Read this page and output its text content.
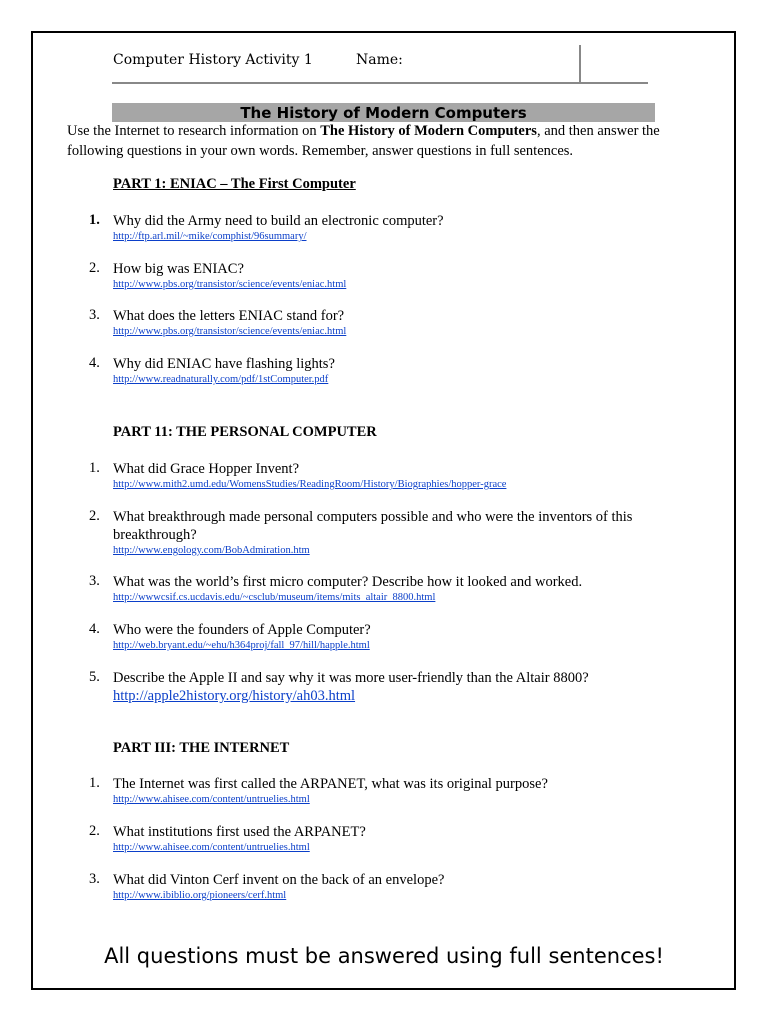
Computer History Activity 1	Name:
The History of Modern Computers
Use the Internet to research information on The History of Modern Computers, and then answer the following questions in your own words. Remember, answer questions in full sentences.
PART 1: ENIAC – The First Computer
1. Why did the Army need to build an electronic computer?
http://ftp.arl.mil/~mike/comphist/96summary/
2. How big was ENIAC?
http://www.pbs.org/transistor/science/events/eniac.html
3. What does the letters ENIAC stand for?
http://www.pbs.org/transistor/science/events/eniac.html
4. Why did ENIAC have flashing lights?
http://www.readnaturally.com/pdf/1stComputer.pdf
PART 11: THE PERSONAL COMPUTER
1. What did Grace Hopper Invent?
http://www.mith2.umd.edu/WomensStudies/ReadingRoom/History/Biographies/hopper-grace
2. What breakthrough made personal computers possible and who were the inventors of this breakthrough?
http://www.engology.com/BobAdmiration.htm
3. What was the world’s first micro computer? Describe how it looked and worked.
http://wwwcsif.cs.ucdavis.edu/~csclub/museum/items/mits_altair_8800.html
4. Who were the founders of Apple Computer?
http://web.bryant.edu/~ehu/h364proj/fall_97/hill/happle.html
5. Describe the Apple II and say why it was more user-friendly than the Altair 8800?
http://apple2history.org/history/ah03.html
PART III: THE INTERNET
1. The Internet was first called the ARPANET, what was its original purpose?
http://www.ahisee.com/content/untruelies.html
2. What institutions first used the ARPANET?
http://www.ahisee.com/content/untruelies.html
3. What did Vinton Cerf invent on the back of an envelope?
http://www.ibiblio.org/pioneers/cerf.html
All questions must be answered using full sentences!
